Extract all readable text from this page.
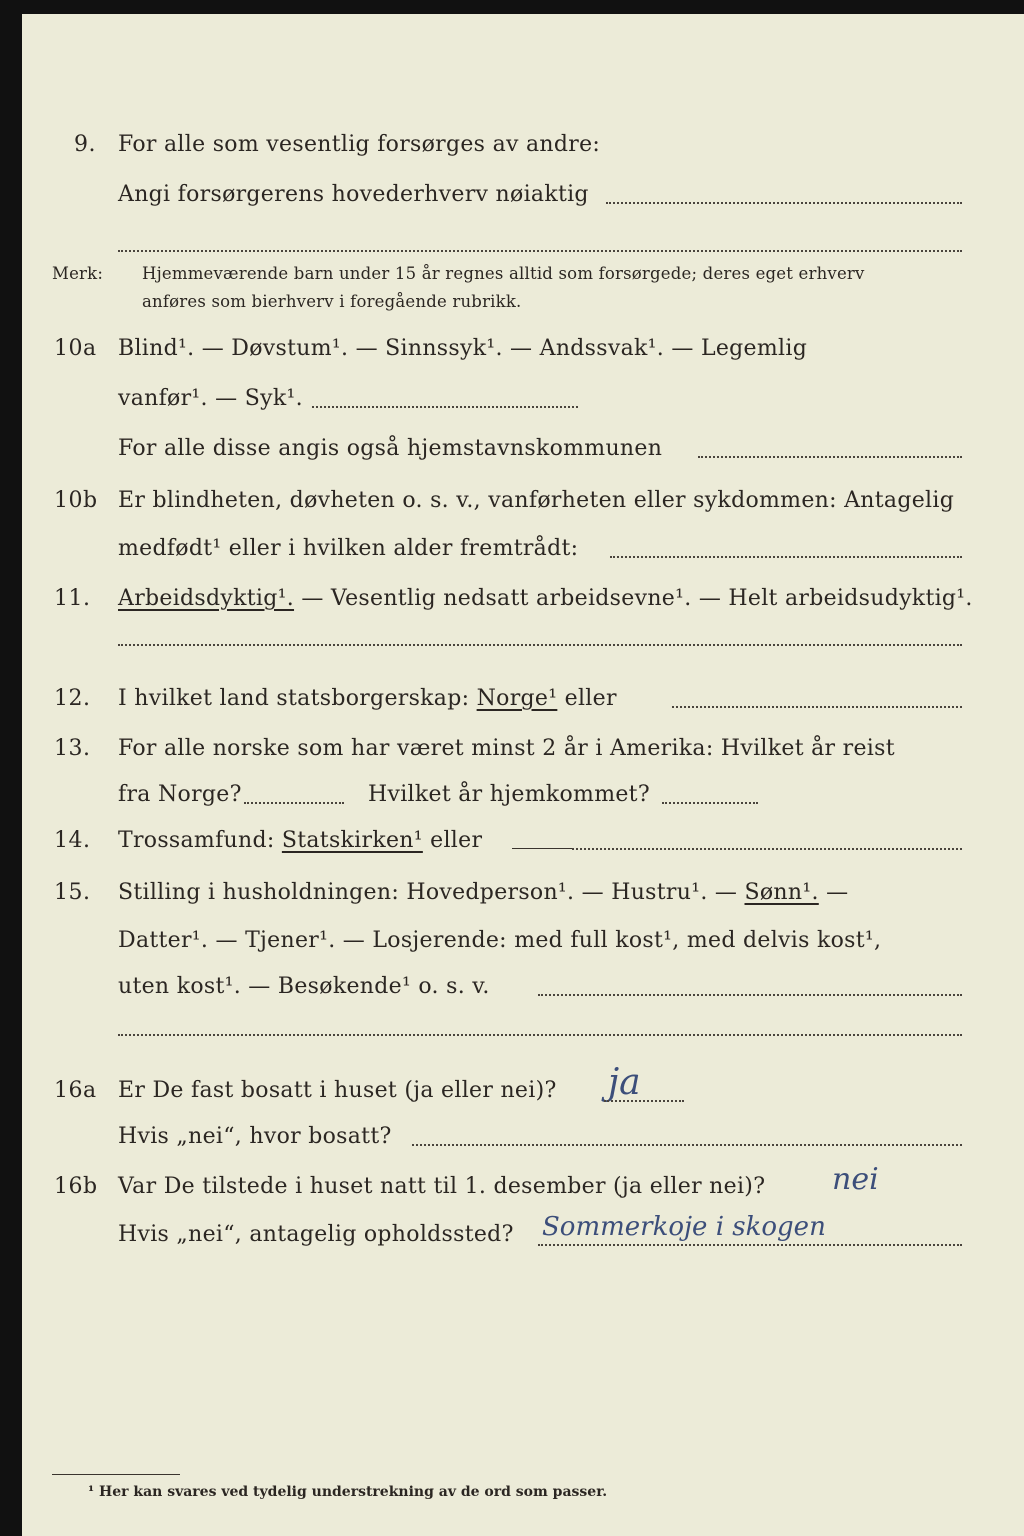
9. For alle som vesentlig forsørges av andre:
Angi forsørgerens hovederhverv nøiaktig
Merk: Hjemmeværende barn under 15 år regnes alltid som forsørgede; deres eget erhverv
anføres som bierhverv i foregående rubrikk.
10a Blind¹. — Døvstum¹. — Sinnssyk¹. — Andssvak¹. — Legemlig
vanfør¹. — Syk¹.
For alle disse angis også hjemstavnskommunen
10b Er blindheten, døvheten o. s. v., vanførheten eller sykdommen: Antagelig
medfødt¹ eller i hvilken alder fremtrådt:
11. Arbeidsdyktig¹. — Vesentlig nedsatt arbeidsevne¹. — Helt arbeidsudyktig¹.
12. I hvilket land statsborgerskap: Norge¹ eller
13. For alle norske som har været minst 2 år i Amerika: Hvilket år reist
fra Norge?	Hvilket år hjemkommet?
14. Trossamfund: Statskirken¹ eller
15. Stilling i husholdningen: Hovedperson¹. — Hustru¹. — Sønn¹. —
Datter¹. — Tjener¹. — Losjerende: med full kost¹, med delvis kost¹,
uten kost¹. — Besøkende¹ o. s. v.
16a Er De fast bosatt i huset (ja eller nei)? ja
Hvis „nei“, hvor bosatt?
16b Var De tilstede i huset natt til 1. desember (ja eller nei)? nei
Hvis „nei“, antagelig opholdssted? Sommerkoje i skogen
¹ Her kan svares ved tydelig understrekning av de ord som passer.
